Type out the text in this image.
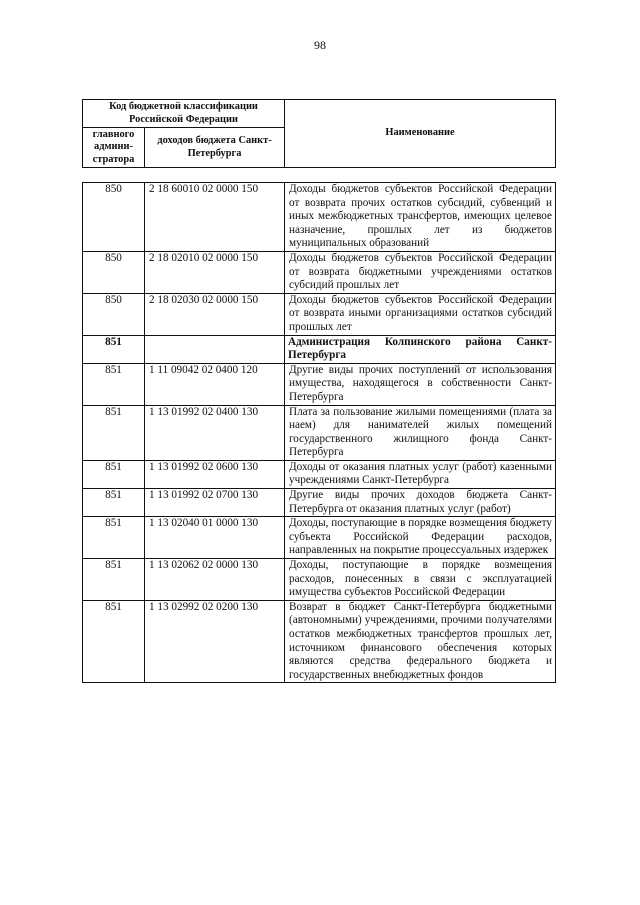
98
Код бюджетной классификации Российской Федерации		Наименование
главного админи-стратора	доходов бюджета Санкт-Петербурга	
850	2 18 60010 02 0000 150	Доходы бюджетов субъектов Российской Федерации от возврата прочих остатков субсидий, субвенций и иных межбюджетных трансфертов, имеющих целевое назначение, прошлых лет из бюджетов муниципальных образований
850	2 18 02010 02 0000 150	Доходы бюджетов субъектов Российской Федерации от возврата бюджетными учреждениями остатков субсидий прошлых лет
850	2 18 02030 02 0000 150	Доходы бюджетов субъектов Российской Федерации от возврата иными организациями остатков субсидий прошлых лет
851		Администрация Колпинского района Санкт-Петербурга
851	1 11 09042 02 0400 120	Другие виды прочих поступлений от использования имущества, находящегося в собственности Санкт-Петербурга
851	1 13 01992 02 0400 130	Плата за пользование жилыми помещениями (плата за наем) для нанимателей жилых помещений государственного жилищного фонда Санкт-Петербурга
851	1 13 01992 02 0600 130	Доходы от оказания платных услуг (работ) казенными учреждениями Санкт-Петербурга
851	1 13 01992 02 0700 130	Другие виды прочих доходов бюджета Санкт-Петербурга от оказания платных услуг (работ)
851	1 13 02040 01 0000 130	Доходы, поступающие в порядке возмещения бюджету субъекта Российской Федерации расходов, направленных на покрытие процессуальных издержек
851	1 13 02062 02 0000 130	Доходы, поступающие в порядке возмещения расходов, понесенных в связи с эксплуатацией имущества субъектов Российской Федерации
851	1 13 02992 02 0200 130	Возврат в бюджет Санкт-Петербурга бюджетными (автономными) учреждениями, прочими получателями остатков межбюджетных трансфертов прошлых лет, источником финансового обеспечения которых являются средства федерального бюджета и государственных внебюджетных фондов
